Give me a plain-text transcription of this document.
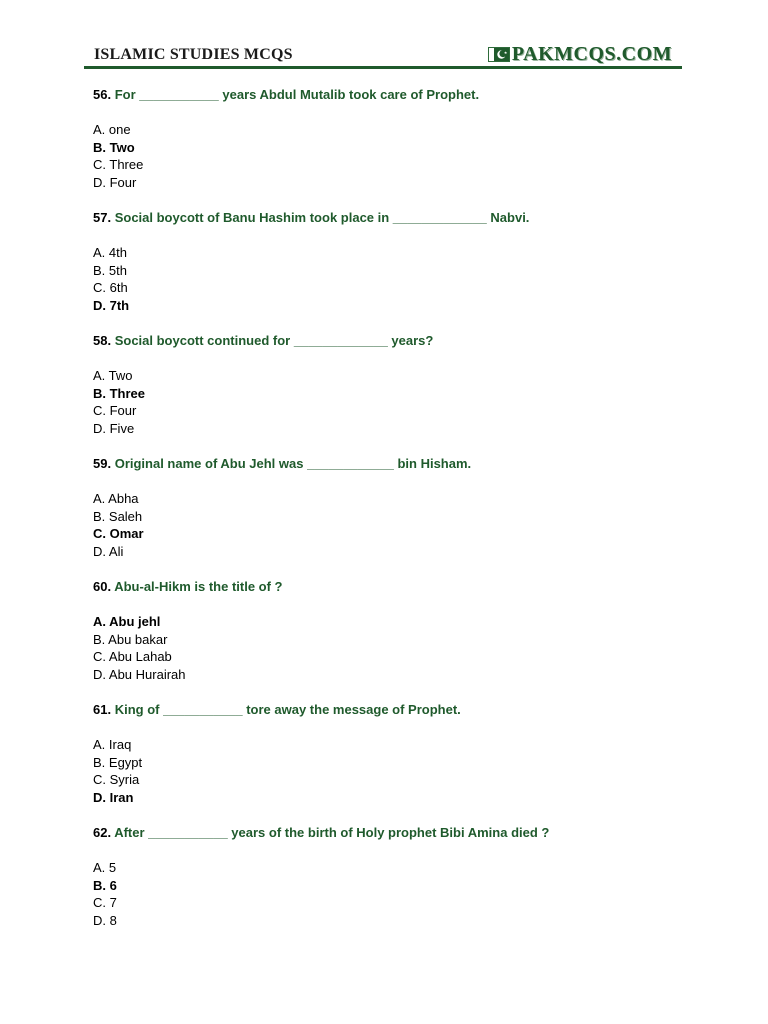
ISLAMIC STUDIES MCQS	PAKMCQS.COM
56. For ___________ years Abdul Mutalib took care of Prophet.
A. one
B. Two
C. Three
D. Four
57. Social boycott of Banu Hashim took place in _____________ Nabvi.
A. 4th
B. 5th
C. 6th
D. 7th
58. Social boycott continued for _____________ years?
A. Two
B. Three
C. Four
D. Five
59. Original name of Abu Jehl was ____________ bin Hisham.
A. Abha
B. Saleh
C. Omar
D. Ali
60. Abu-al-Hikm is the title of ?
A. Abu jehl
B. Abu bakar
C. Abu Lahab
D. Abu Hurairah
61. King of ___________ tore away the message of Prophet.
A. Iraq
B. Egypt
C. Syria
D. Iran
62. After ___________ years of the birth of Holy prophet Bibi Amina died ?
A. 5
B. 6
C. 7
D. 8
